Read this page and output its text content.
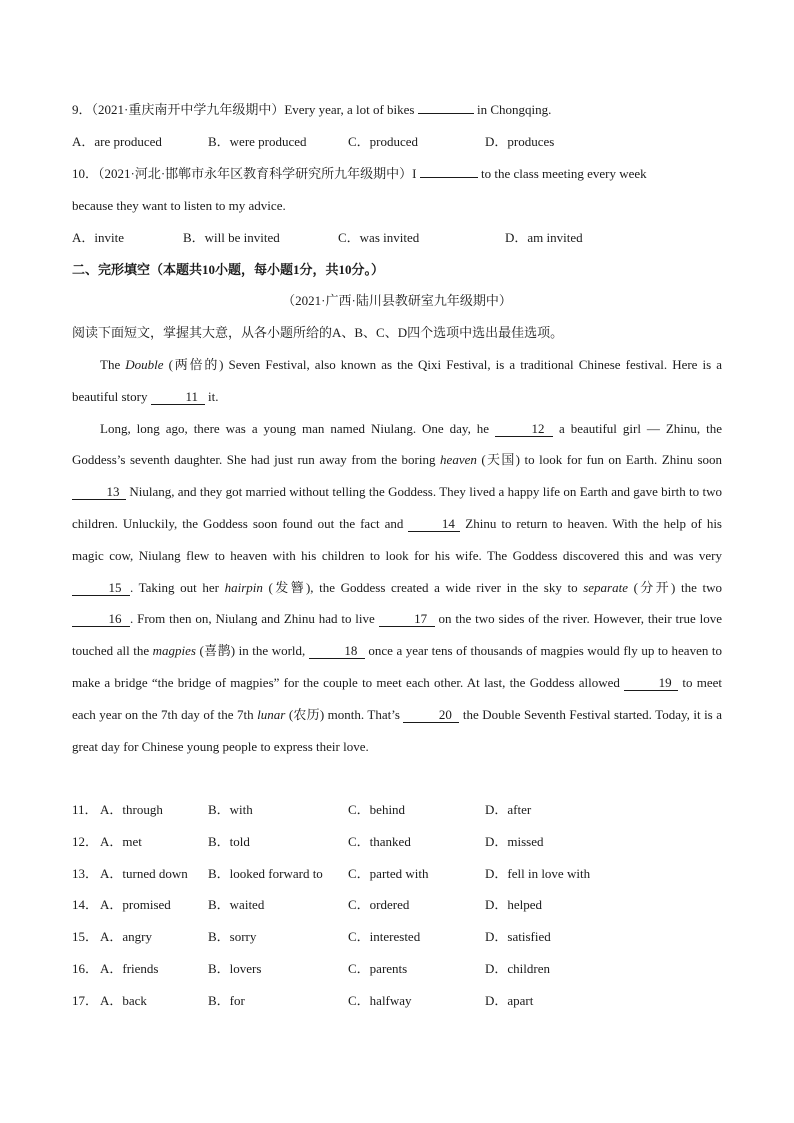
9．（2021·重庆南开中学九年级期中）Every year, a lot of bikes	in Chongqing.
A．are produced	B．were produced	C．produced	D．produces
10．（2021·河北·邯郸市永年区教育科学研究所九年级期中）I	to the class meeting every week
because they want to listen to my advice.
A．invite	B．will be invited	C．was invited	D．am invited
二、完形填空（本题共10小题，每小题1分，共10分。）
（2021·广西·陆川县教研室九年级期中）
阅读下面短文，掌握其大意，从各小题所给的A、B、C、D四个选项中选出最佳选项。

The Double (两倍的) Seven Festival, also known as the Qixi Festival, is a traditional Chinese festival. Here is a beautiful story	11 it.

Long, long ago, there was a young man named Niulang. One day, he	12 a beautiful girl — Zhinu, the Goddess’s seventh daughter. She had just run away from the boring heaven (天国) to look for fun on Earth. Zhinu soon 13 Niulang, and they got married without telling the Goddess. They lived a happy life on Earth and gave birth to two children. Unluckily, the Goddess soon found out the fact and	14 Zhinu to return to heaven. With the help of his magic cow, Niulang flew to heaven with his children to look for his wife. The Goddess discovered this and was very 15 . Taking out her hairpin (发簪), the Goddess created a wide river in the sky to separate (分开) the two 16 . From then on, Niulang and Zhinu had to live	17 on the two sides of the river. However, their true love touched all the magpies (喜鹊) in the world,	18 once a year tens of thousands of magpies would fly up to heaven to make a bridge “the bridge of magpies” for the couple to meet each other. At last, the Goddess allowed	19 to meet each year on the 7th day of the 7th lunar (农历) month. That’s	20 the Double Seventh Festival started. Today, it is a great day for Chinese young people to express their love.

11． A．through	B．with	C．behind	D．after
12． A．met	B．told	C．thanked	D．missed
13． A．turned down B．looked forward to C．parted with	D．fell in love with
14． A．promised	B．waited	C．ordered	D．helped
15． A．angry	B．sorry	C．interested	D．satisfied
16． A．friends	B．lovers	C．parents	D．children
17． A．back	B．for	C．halfway	D．apart
